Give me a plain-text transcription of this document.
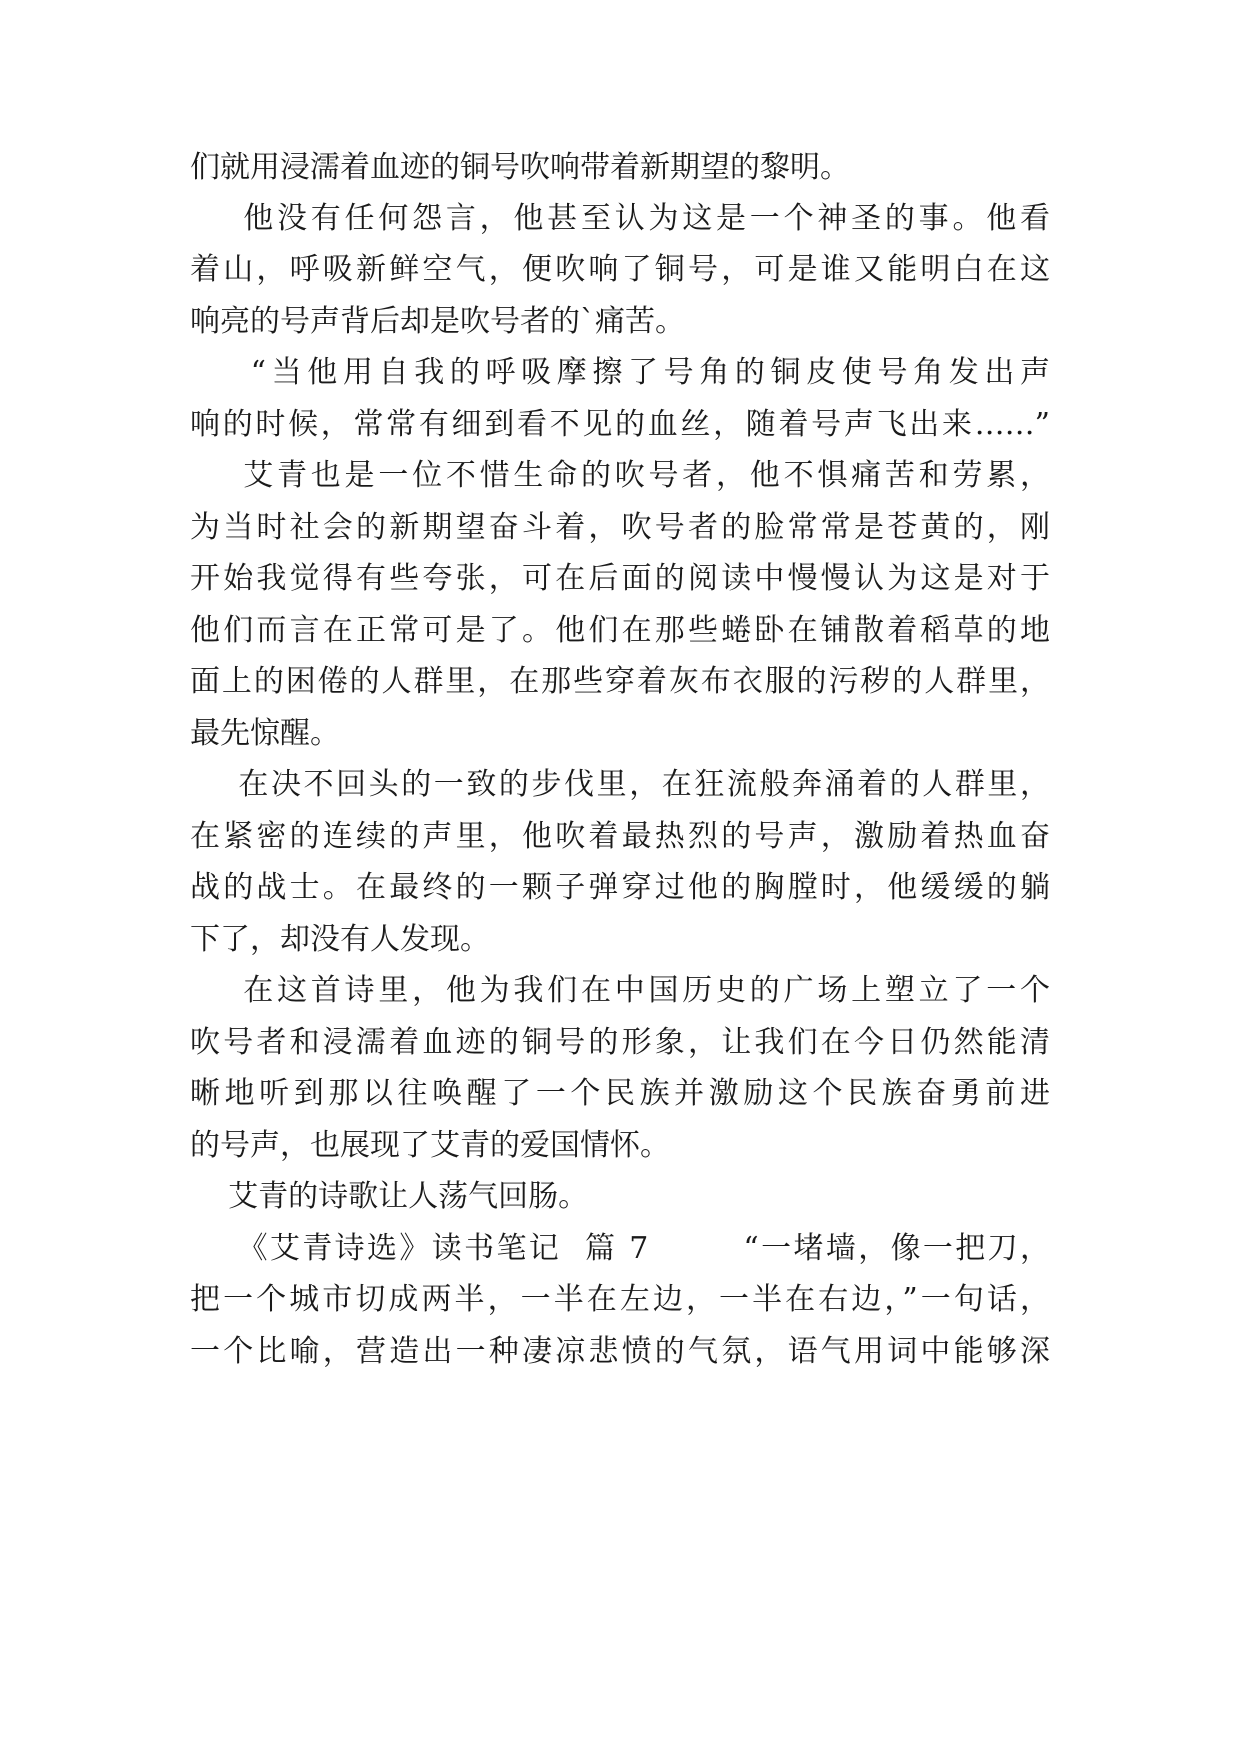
们就用浸濡着血迹的铜号吹响带着新期望的黎明。
他没有任何怨言，他甚至认为这是一个神圣的事。他看
着山，呼吸新鲜空气，便吹响了铜号，可是谁又能明白在这
响亮的号声背后却是吹号者的`痛苦。
“当他用自我的呼吸摩擦了号角的铜皮使号角发出声
响的时候，常常有细到看不见的血丝，随着号声飞出来……”
艾青也是一位不惜生命的吹号者，他不惧痛苦和劳累，
为当时社会的新期望奋斗着，吹号者的脸常常是苍黄的，刚
开始我觉得有些夸张，可在后面的阅读中慢慢认为这是对于
他们而言在正常可是了。他们在那些蜷卧在铺散着稻草的地
面上的困倦的人群里，在那些穿着灰布衣服的污秽的人群里，
最先惊醒。
在决不回头的一致的步伐里，在狂流般奔涌着的人群里，
在紧密的连续的声里，他吹着最热烈的号声，激励着热血奋
战的战士。在最终的一颗子弹穿过他的胸膛时，他缓缓的躺
下了，却没有人发现。
在这首诗里，他为我们在中国历史的广场上塑立了一个
吹号者和浸濡着血迹的铜号的形象，让我们在今日仍然能清
晰地听到那以往唤醒了一个民族并激励这个民族奋勇前进
的号声，也展现了艾青的爱国情怀。
艾青的诗歌让人荡气回肠。
《艾青诗选》读书笔记  篇 7        “一堵墙，像一把刀，
把一个城市切成两半，一半在左边，一半在右边，”一句话，
一个比喻，营造出一种凄凉悲愤的气氛，语气用词中能够深
